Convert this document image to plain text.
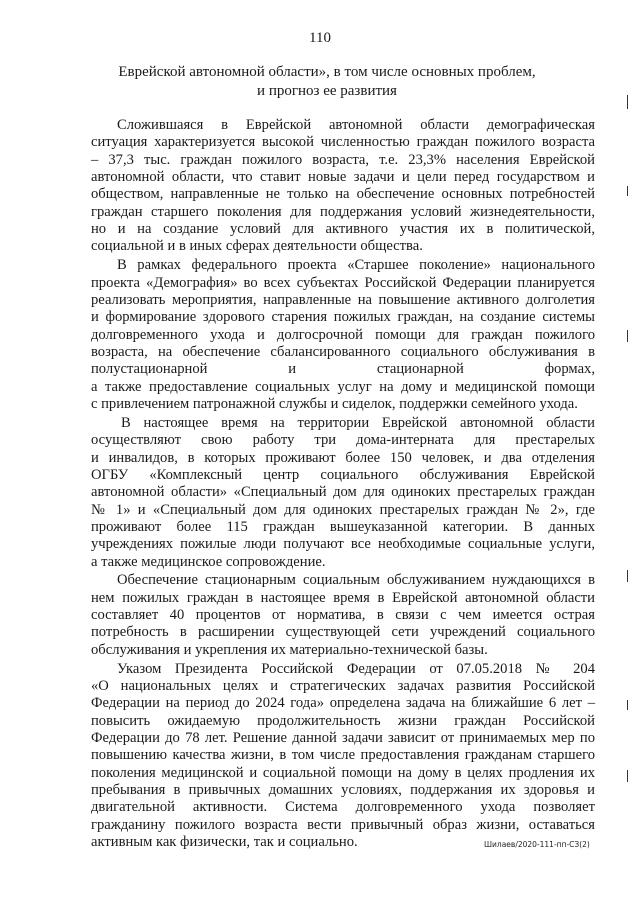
110
Еврейской автономной области», в том числе основных проблем,
и прогноз ее развития
Сложившаяся в Еврейской автономной области демографическая
ситуация характеризуется высокой численностью граждан пожилого возраста
– 37,3 тыс. граждан пожилого возраста, т.е. 23,3% населения Еврейской
автономной области, что ставит новые задачи и цели перед государством и
обществом, направленные не только на обеспечение основных потребностей
граждан старшего поколения для поддержания условий жизнедеятельности,
но и на создание условий для активного участия их в политической,
социальной и в иных сферах деятельности общества.
В рамках федерального проекта «Старшее поколение» национального
проекта «Демография» во всех субъектах Российской Федерации планируется
реализовать мероприятия, направленные на повышение активного долголетия
и формирование здорового старения пожилых граждан, на создание системы
долговременного ухода и долгосрочной помощи для граждан пожилого
возраста, на обеспечение сбалансированного социального обслуживания в
полустационарной и стационарной формах,
а также предоставление социальных услуг на дому и медицинской помощи
с привлечением патронажной службы и сиделок, поддержки семейного ухода.
В настоящее время на территории Еврейской автономной области
осуществляют свою работу три дома-интерната для престарелых
и инвалидов, в которых проживают более 150 человек, и два отделения
ОГБУ «Комплексный центр социального обслуживания Еврейской
автономной области» «Специальный дом для одиноких престарелых граждан
№ 1» и «Специальный дом для одиноких престарелых граждан № 2», где
проживают более 115 граждан вышеуказанной категории. В данных
учреждениях пожилые люди получают все необходимые социальные услуги,
а также медицинское сопровождение.
Обеспечение стационарным социальным обслуживанием нуждающихся в
нем пожилых граждан в настоящее время в Еврейской автономной области
составляет 40 процентов от норматива, в связи с чем имеется острая
потребность в расширении существующей сети учреждений социального
обслуживания и укрепления их материально-технической базы.
Указом Президента Российской Федерации от 07.05.2018 № 204
«О национальных целях и стратегических задачах развития Российской
Федерации на период до 2024 года» определена задача на ближайшие 6 лет –
повысить ожидаемую продолжительность жизни граждан Российской
Федерации до 78 лет. Решение данной задачи зависит от принимаемых мер по
повышению качества жизни, в том числе предоставления гражданам старшего
поколения медицинской и социальной помощи на дому в целях продления их
пребывания в привычных домашних условиях, поддержания их здоровья и
двигательной активности. Система долговременного ухода позволяет
гражданину пожилого возраста вести привычный образ жизни, оставаться
активным как физически, так и социально.	Шилаев/2020-111-пп-СЗ(2)
